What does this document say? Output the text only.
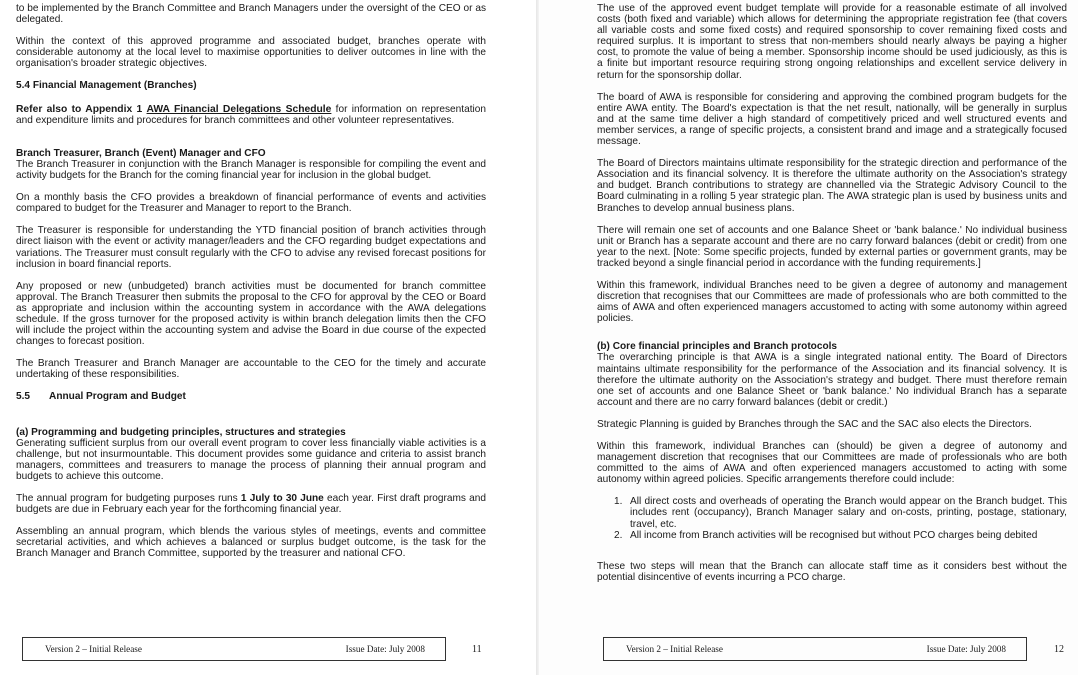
to be implemented by the Branch Committee and Branch Managers under the oversight of the CEO or as delegated.

Within the context of this approved programme and associated budget, branches operate with considerable autonomy at the local level to maximise opportunities to deliver outcomes in line with the organisation's broader strategic objectives.

5.4 Financial Management (Branches)

Refer also to Appendix 1 AWA Financial Delegations Schedule for information on representation and expenditure limits and procedures for branch committees and other volunteer representatives.

Branch Treasurer, Branch (Event) Manager and CFO

The Branch Treasurer in conjunction with the Branch Manager is responsible for compiling the event and activity budgets for the Branch for the coming financial year for inclusion in the global budget.

On a monthly basis the CFO provides a breakdown of financial performance of events and activities compared to budget for the Treasurer and Manager to report to the Branch.

The Treasurer is responsible for understanding the YTD financial position of branch activities through direct liaison with the event or activity manager/leaders and the CFO regarding budget expectations and variations. The Treasurer must consult regularly with the CFO to advise any revised forecast positions for inclusion in board financial reports.

Any proposed or new (unbudgeted) branch activities must be documented for branch committee approval. The Branch Treasurer then submits the proposal to the CFO for approval by the CEO or Board as appropriate and inclusion within the accounting system in accordance with the AWA delegations schedule. If the gross turnover for the proposed activity is within branch delegation limits then the CFO will include the project within the accounting system and advise the Board in due course of the expected changes to forecast position.

The Branch Treasurer and Branch Manager are accountable to the CEO for the timely and accurate undertaking of these responsibilities.

5.5 Annual Program and Budget
(a) Programming and budgeting principles, structures and strategies

Generating sufficient surplus from our overall event program to cover less financially viable activities is a challenge, but not insurmountable. This document provides some guidance and criteria to assist branch managers, committees and treasurers to manage the process of planning their annual program and budgets to achieve this outcome.

The annual program for budgeting purposes runs 1 July to 30 June each year. First draft programs and budgets are due in February each year for the forthcoming financial year.

Assembling an annual program, which blends the various styles of meetings, events and committee secretarial activities, and which achieves a balanced or surplus budget outcome, is the task for the Branch Manager and Branch Committee, supported by the treasurer and national CFO.

Version 2 – Initial Release	Issue Date: July 2008	11

The use of the approved event budget template will provide for a reasonable estimate of all involved costs (both fixed and variable) which allows for determining the appropriate registration fee (that covers all variable costs and some fixed costs) and required sponsorship to cover remaining fixed costs and required surplus. It is important to stress that non-members should nearly always be paying a higher cost, to promote the value of being a member. Sponsorship income should be used judiciously, as this is a finite but important resource requiring strong ongoing relationships and excellent service delivery in return for the sponsorship dollar.

The board of AWA is responsible for considering and approving the combined program budgets for the entire AWA entity. The Board's expectation is that the net result, nationally, will be generally in surplus and at the same time deliver a high standard of competitively priced and well structured events and member services, a range of specific projects, a consistent brand and image and a strategically focused message.

The Board of Directors maintains ultimate responsibility for the strategic direction and performance of the Association and its financial solvency. It is therefore the ultimate authority on the Association's strategy and budget. Branch contributions to strategy are channelled via the Strategic Advisory Council to the Board culminating in a rolling 5 year strategic plan. The AWA strategic plan is used by business units and Branches to develop annual business plans.

There will remain one set of accounts and one Balance Sheet or 'bank balance.' No individual business unit or Branch has a separate account and there are no carry forward balances (debit or credit) from one year to the next. [Note: Some specific projects, funded by external parties or government grants, may be tracked beyond a single financial period in accordance with the funding requirements.]

Within this framework, individual Branches need to be given a degree of autonomy and management discretion that recognises that our Committees are made of professionals who are both committed to the aims of AWA and often experienced managers accustomed to acting with some autonomy within agreed policies.

(b) Core financial principles and Branch protocols

The overarching principle is that AWA is a single integrated national entity. The Board of Directors maintains ultimate responsibility for the performance of the Association and its financial solvency. It is therefore the ultimate authority on the Association's strategy and budget. There must therefore remain one set of accounts and one Balance Sheet or 'bank balance.' No individual Branch has a separate account and there are no carry forward balances (debit or credit.)

Strategic Planning is guided by Branches through the SAC and the SAC also elects the Directors.

Within this framework, individual Branches can (should) be given a degree of autonomy and management discretion that recognises that our Committees are made of professionals who are both committed to the aims of AWA and often experienced managers accustomed to acting with some autonomy within agreed policies. Specific arrangements therefore could include:

1. All direct costs and overheads of operating the Branch would appear on the Branch budget. This includes rent (occupancy), Branch Manager salary and on-costs, printing, postage, stationary, travel, etc.
2. All income from Branch activities will be recognised but without PCO charges being debited

These two steps will mean that the Branch can allocate staff time as it considers best without the potential disincentive of events incurring a PCO charge.

Version 2 – Initial Release	Issue Date: July 2008	12
